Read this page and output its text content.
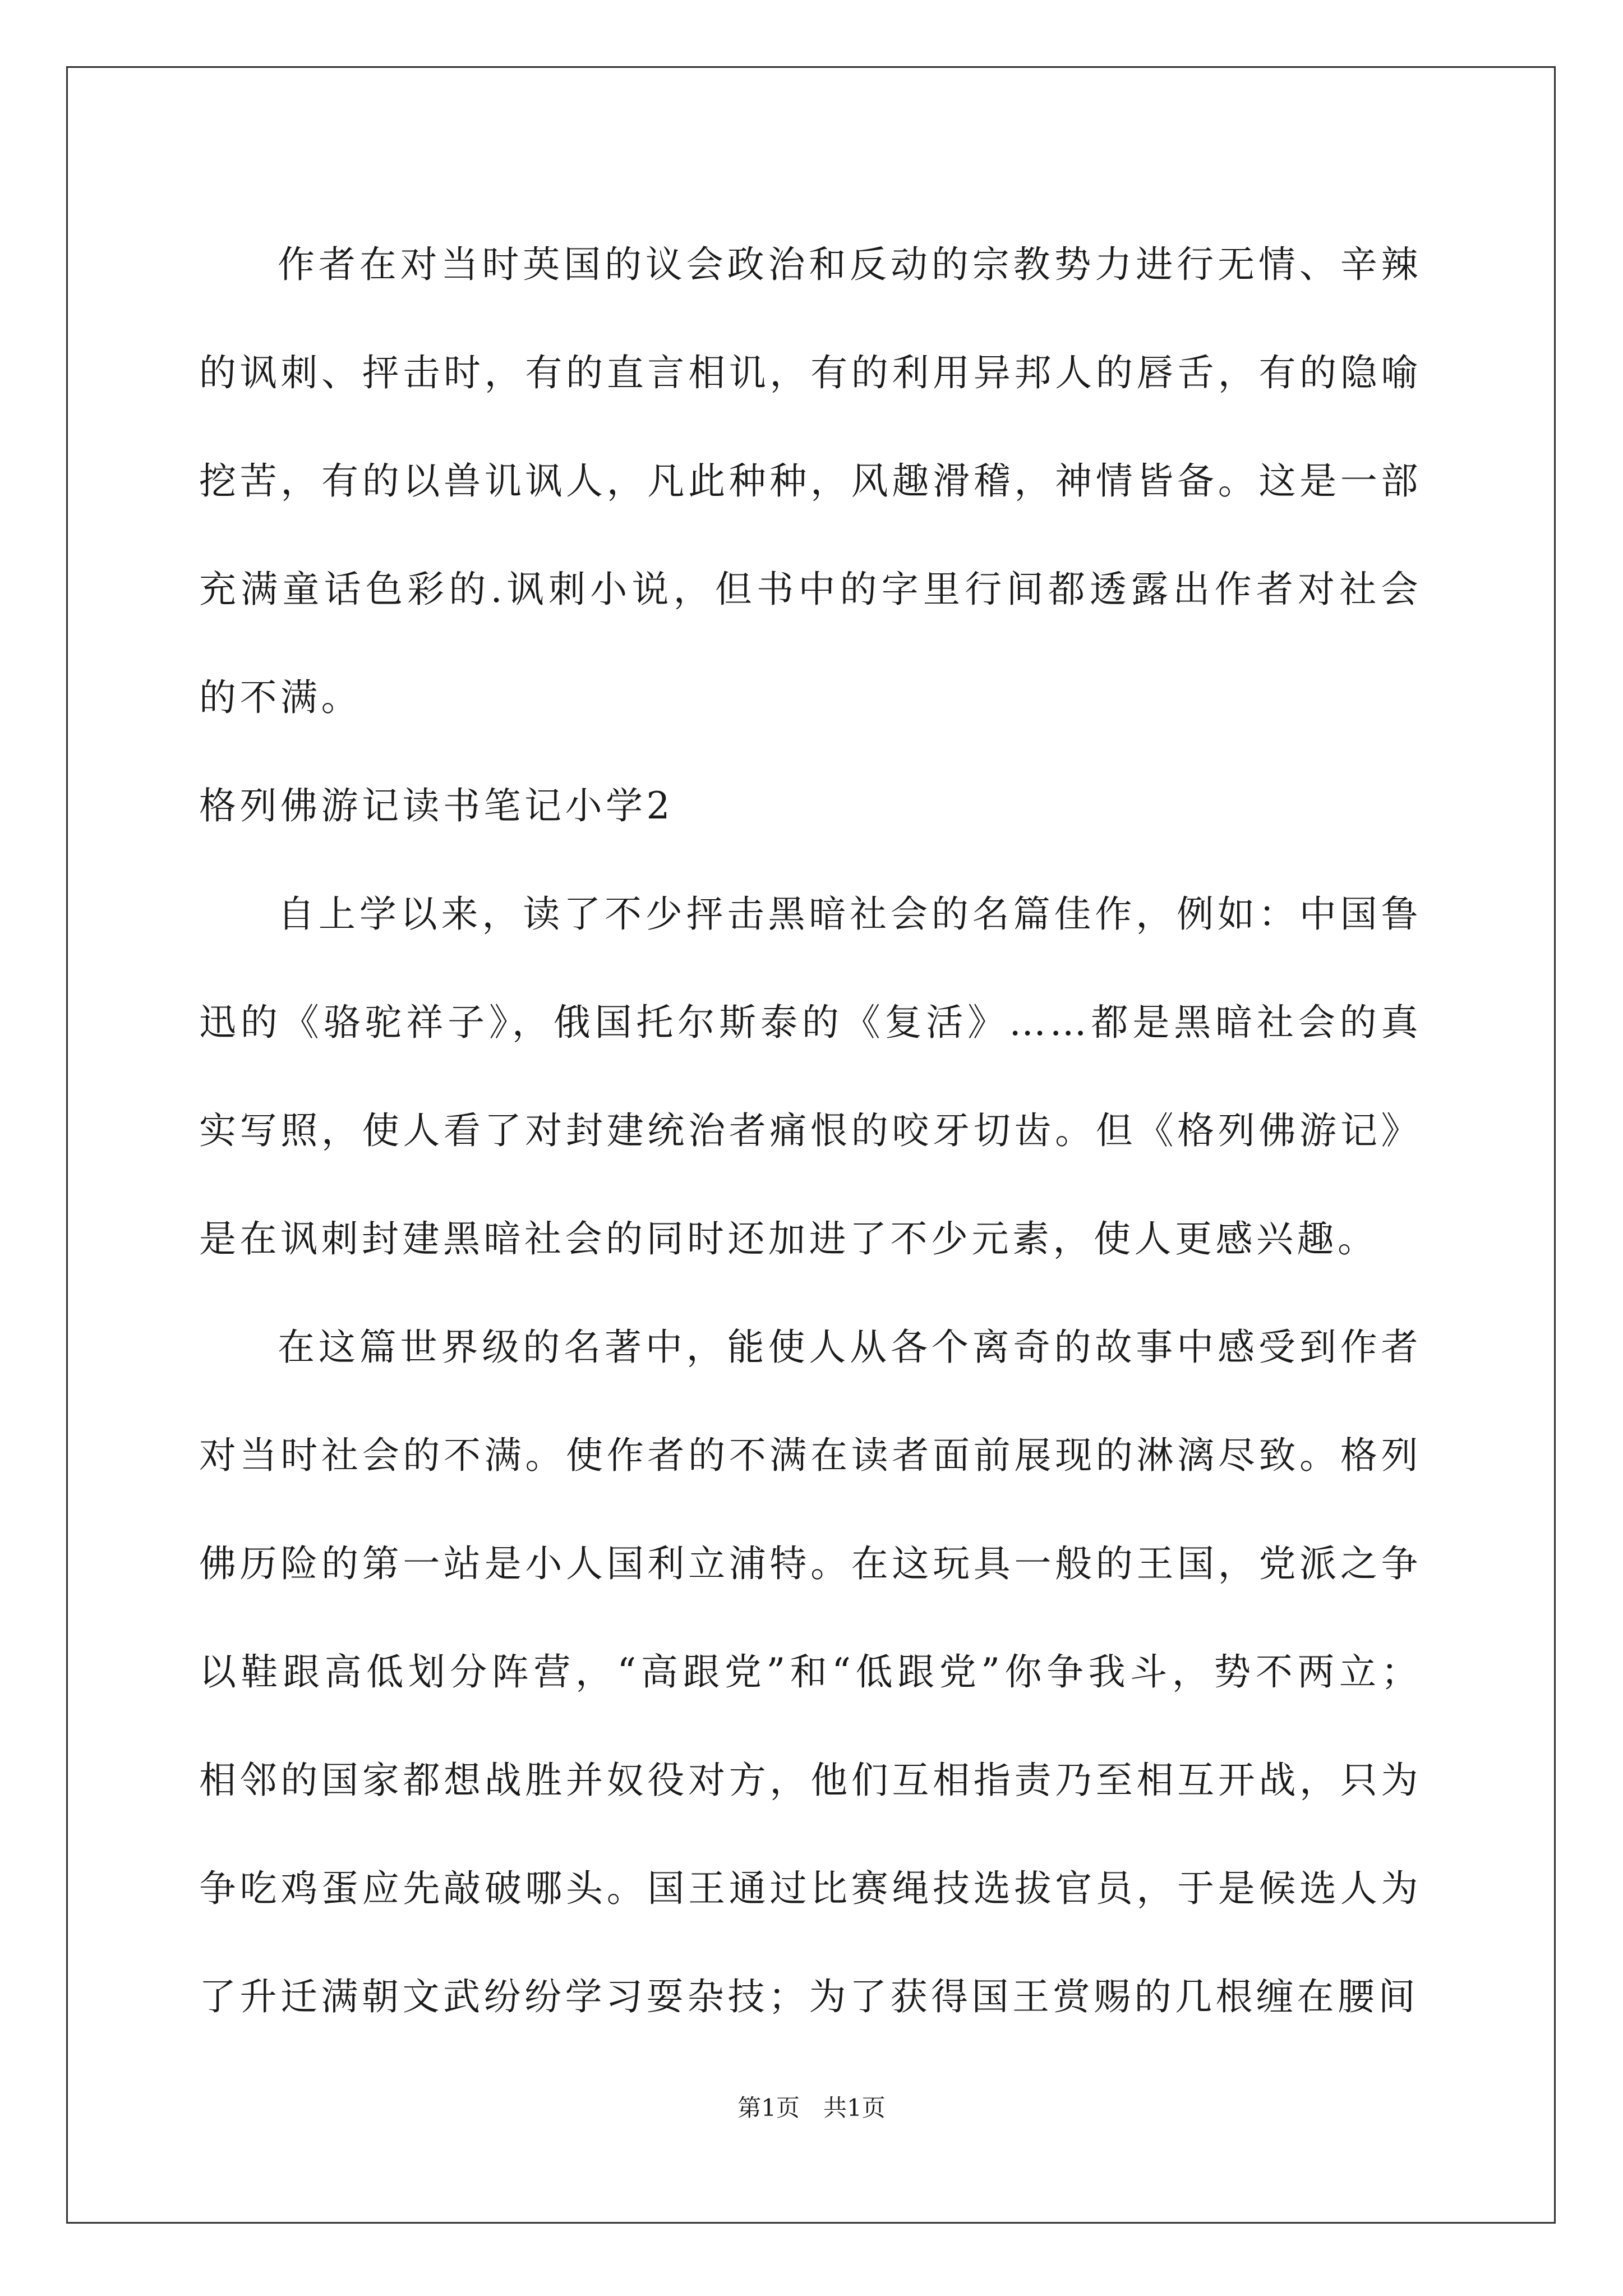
作者在对当时英国的议会政治和反动的宗教势力进行无情、辛辣的讽刺、抨击时，有的直言相讥，有的利用异邦人的唇舌，有的隐喻挖苦，有的以兽讥讽人，凡此种种，风趣滑稽，神情皆备。这是一部充满童话色彩的.讽刺小说，但书中的字里行间都透露出作者对社会的不满。

格列佛游记读书笔记小学2

自上学以来，读了不少抨击黑暗社会的名篇佳作，例如：中国鲁迅的《骆驼祥子》，俄国托尔斯泰的《复活》……都是黑暗社会的真实写照，使人看了对封建统治者痛恨的咬牙切齿。但《格列佛游记》是在讽刺封建黑暗社会的同时还加进了不少元素，使人更感兴趣。

在这篇世界级的名著中，能使人从各个离奇的故事中感受到作者对当时社会的不满。使作者的不满在读者面前展现的淋漓尽致。格列佛历险的第一站是小人国利立浦特。在这玩具一般的王国，党派之争以鞋跟高低划分阵营，“高跟党”和“低跟党”你争我斗，势不两立；相邻的国家都想战胜并奴役对方，他们互相指责乃至相互开战，只为争吃鸡蛋应先敲破哪头。国王通过比赛绳技选拔官员，于是候选人为了升迁满朝文武纷纷学习耍杂技；为了获得国王赏赐的几根缠在腰间

第1页 共1页
